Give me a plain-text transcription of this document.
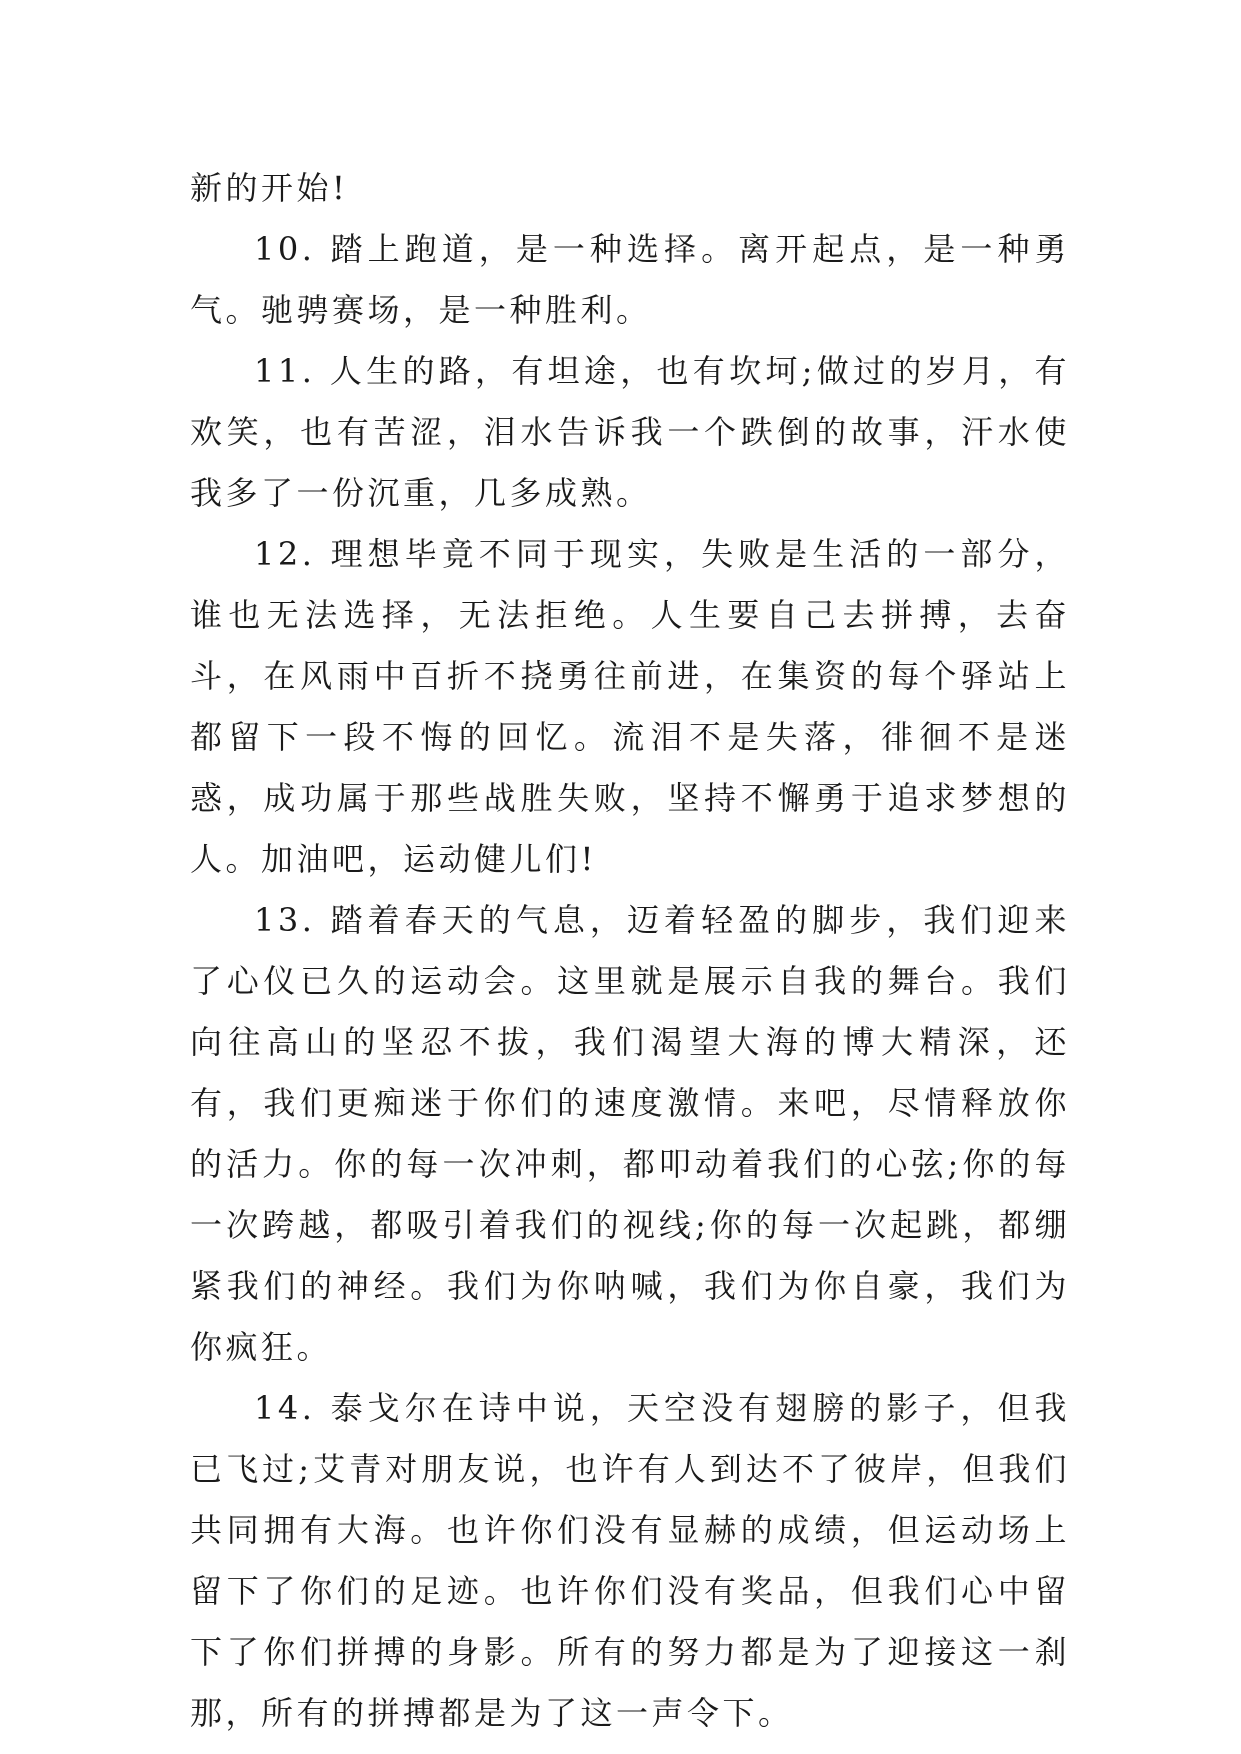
新的开始!

10. 踏上跑道，是一种选择。离开起点，是一种勇气。驰骋赛场，是一种胜利。

11. 人生的路，有坦途，也有坎坷;做过的岁月，有欢笑，也有苦涩，泪水告诉我一个跌倒的故事，汗水使我多了一份沉重，几多成熟。

12. 理想毕竟不同于现实，失败是生活的一部分，谁也无法选择，无法拒绝。人生要自己去拼搏，去奋斗，在风雨中百折不挠勇往前进，在集资的每个驿站上都留下一段不悔的回忆。流泪不是失落，徘徊不是迷惑，成功属于那些战胜失败，坚持不懈勇于追求梦想的人。加油吧，运动健儿们!

13. 踏着春天的气息，迈着轻盈的脚步，我们迎来了心仪已久的运动会。这里就是展示自我的舞台。我们向往高山的坚忍不拔，我们渴望大海的博大精深，还有，我们更痴迷于你们的速度激情。来吧，尽情释放你的活力。你的每一次冲刺，都叩动着我们的心弦;你的每一次跨越，都吸引着我们的视线;你的每一次起跳，都绷紧我们的神经。我们为你呐喊，我们为你自豪，我们为你疯狂。

14. 泰戈尔在诗中说，天空没有翅膀的影子，但我已飞过;艾青对朋友说，也许有人到达不了彼岸，但我们共同拥有大海。也许你们没有显赫的成绩，但运动场上留下了你们的足迹。也许你们没有奖品，但我们心中留下了你们拼搏的身影。所有的努力都是为了迎接这一刹那，所有的拼搏都是为了这一声令下。
